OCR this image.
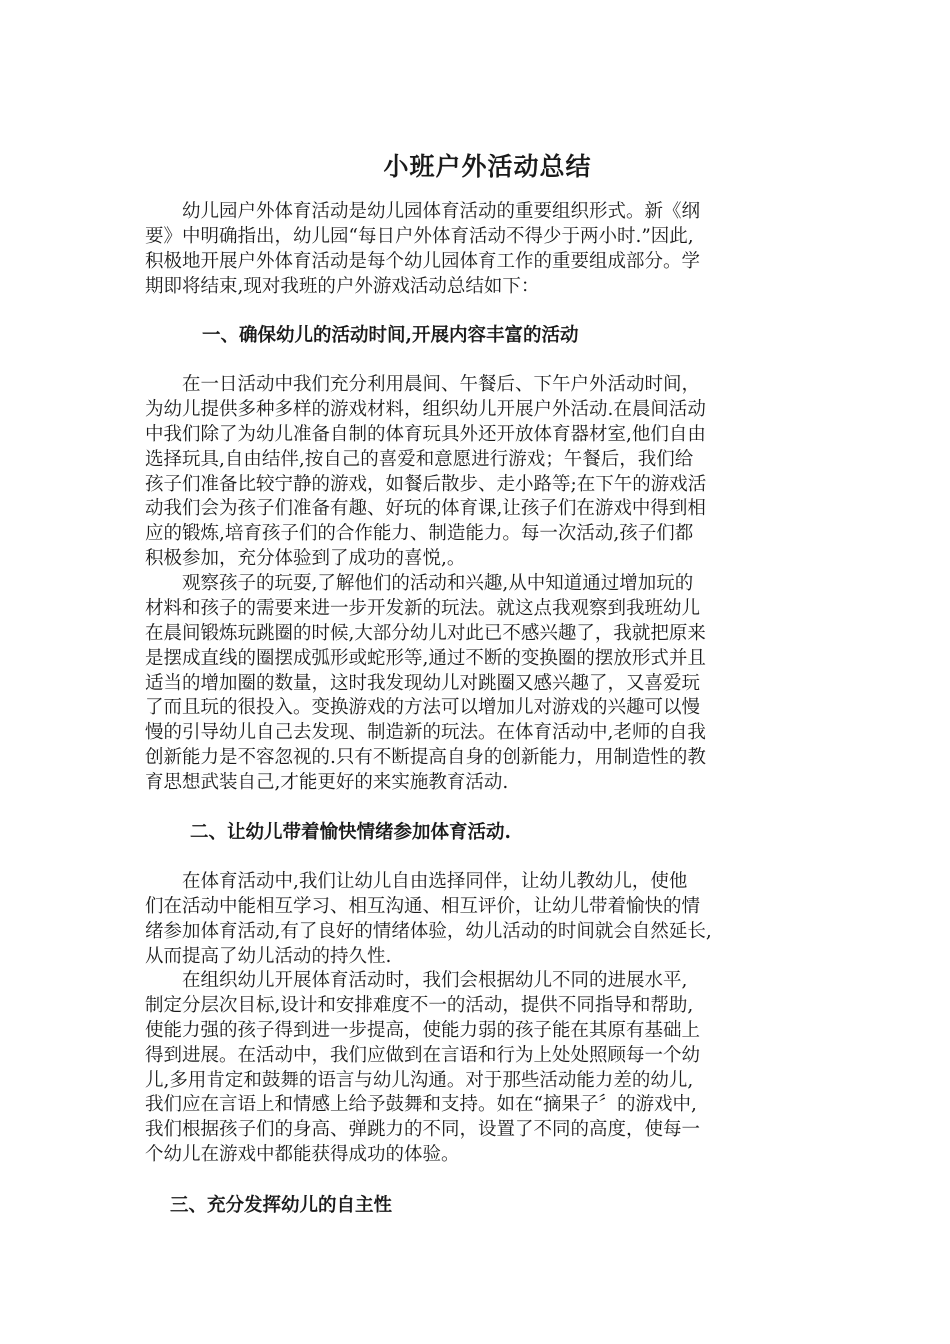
小班户外活动总结

　　幼儿园户外体育活动是幼儿园体育活动的重要组织形式。新《纲
要》中明确指出，幼儿园“每日户外体育活动不得少于两小时.”因此,
积极地开展户外体育活动是每个幼儿园体育工作的重要组成部分。学
期即将结束,现对我班的户外游戏活动总结如下：

一、确保幼儿的活动时间,开展内容丰富的活动

　　在一日活动中我们充分利用晨间、午餐后、下午户外活动时间，
为幼儿提供多种多样的游戏材料，组织幼儿开展户外活动.在晨间活动
中我们除了为幼儿准备自制的体育玩具外还开放体育器材室,他们自由
选择玩具,自由结伴,按自己的喜爱和意愿进行游戏；午餐后，我们给
孩子们准备比较宁静的游戏，如餐后散步、走小路等;在下午的游戏活
动我们会为孩子们准备有趣、好玩的体育课,让孩子们在游戏中得到相
应的锻炼,培育孩子们的合作能力、制造能力。每一次活动,孩子们都
积极参加，充分体验到了成功的喜悦,。

　　观察孩子的玩耍,了解他们的活动和兴趣,从中知道通过增加玩的
材料和孩子的需要来进一步开发新的玩法。就这点我观察到我班幼儿
在晨间锻炼玩跳圈的时候,大部分幼儿对此已不感兴趣了，我就把原来
是摆成直线的圈摆成弧形或蛇形等,通过不断的变换圈的摆放形式并且
适当的增加圈的数量，这时我发现幼儿对跳圈又感兴趣了，又喜爱玩
了而且玩的很投入。变换游戏的方法可以增加儿对游戏的兴趣可以慢
慢的引导幼儿自己去发现、制造新的玩法。在体育活动中,老师的自我
创新能力是不容忽视的.只有不断提高自身的创新能力，用制造性的教
育思想武装自己,才能更好的来实施教育活动.

二、让幼儿带着愉快情绪参加体育活动.

　　在体育活动中,我们让幼儿自由选择同伴，让幼儿教幼儿，使他
们在活动中能相互学习、相互沟通、相互评价，让幼儿带着愉快的情
绪参加体育活动,有了良好的情绪体验，幼儿活动的时间就会自然延长,
从而提高了幼儿活动的持久性.

　　在组织幼儿开展体育活动时，我们会根据幼儿不同的进展水平,
制定分层次目标,设计和安排难度不一的活动，提供不同指导和帮助,
使能力强的孩子得到进一步提高，使能力弱的孩子能在其原有基础上
得到进展。在活动中，我们应做到在言语和行为上处处照顾每一个幼
儿,多用肯定和鼓舞的语言与幼儿沟通。对于那些活动能力差的幼儿,
我们应在言语上和情感上给予鼓舞和支持。如在“摘果子〞的游戏中,
我们根据孩子们的身高、弹跳力的不同，设置了不同的高度，使每一
个幼儿在游戏中都能获得成功的体验。

三、充分发挥幼儿的自主性
